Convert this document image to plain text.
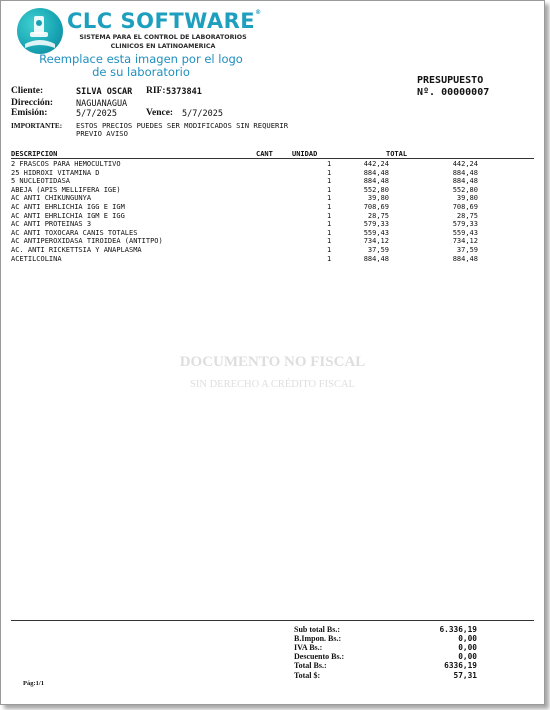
CLC SOFTWARE®
SISTEMA PARA EL CONTROL DE LABORATORIOS
CLINICOS EN LATINOAMERICA
Reemplace esta imagen por el logo
de su laboratorio
PRESUPUESTO
Nº. 00000007
Cliente:	SILVA OSCAR RIF: 5373841
Dirección:	NAGUANAGUA
Emisión:	5/7/2025	Vence: 5/7/2025
IMPORTANTE: ESTOS PRECIOS PUEDES SER MODIFICADOS SIN REQUERIR
PREVIO AVISO
DESCRIPCION	CANT	UNIDAD	TOTAL
2 FRASCOS PARA HEMOCULTIVO	1	442,24	442,24
25 HIDROXI VITAMINA D	1	884,48	884,48
5 NUCLEOTIDASA	1	884,48	884,48
ABEJA (APIS MELLIFERA IGE)	1	552,80	552,80
AC ANTI CHIKUNGUNYA	1	39,80	39,80
AC ANTI EHRLICHIA IGG E IGM	1	708,69	708,69
AC ANTI EHRLICHIA IGM E IGG	1	28,75	28,75
AC ANTI PROTEINAS 3	1	579,33	579,33
AC ANTI TOXOCARA CANIS TOTALES	1	559,43	559,43
AC ANTIPEROXIDASA TIROIDEA (ANTITPO)	1	734,12	734,12
AC. ANTI RICKETTSIA Y ANAPLASMA	1	37,59	37,59
ACETILCOLINA	1	884,48	884,48
DOCUMENTO NO FISCAL
SIN DERECHO A CRÉDITO FISCAL
Sub total Bs.:	6.336,19
B.Impon. Bs.:	0,00
IVA Bs.:	0,00
Descuento Bs.:	0,00
Total Bs.:	6336,19
Total $:	57,31
Pág:1/1
